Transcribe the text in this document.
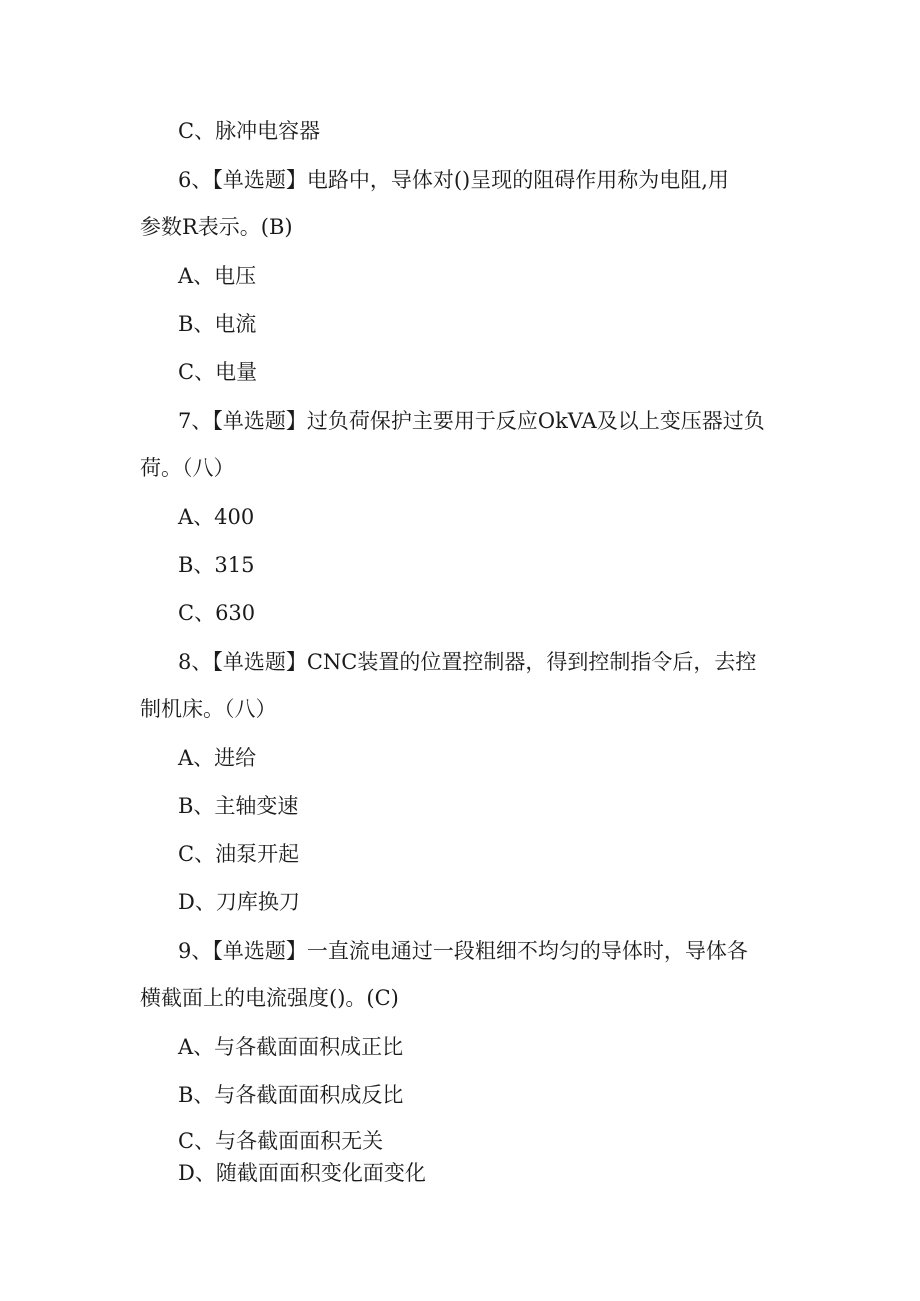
C、脉冲电容器
6、【单选题】电路中，导体对()呈现的阻碍作用称为电阻,用
参数R表示。(B)
A、电压
B、电流
C、电量
7、【单选题】过负荷保护主要用于反应OkVA及以上变压器过负
荷。（八）
A、400
B、315
C、630
8、【单选题】CNC装置的位置控制器，得到控制指令后，去控
制机床。（八）
A、进给
B、主轴变速
C、油泵开起
D、刀库换刀
9、【单选题】一直流电通过一段粗细不均匀的导体时，导体各
横截面上的电流强度()。(C)
A、与各截面面积成正比
B、与各截面面积成反比
C、与各截面面积无关
D、随截面面积变化面变化
